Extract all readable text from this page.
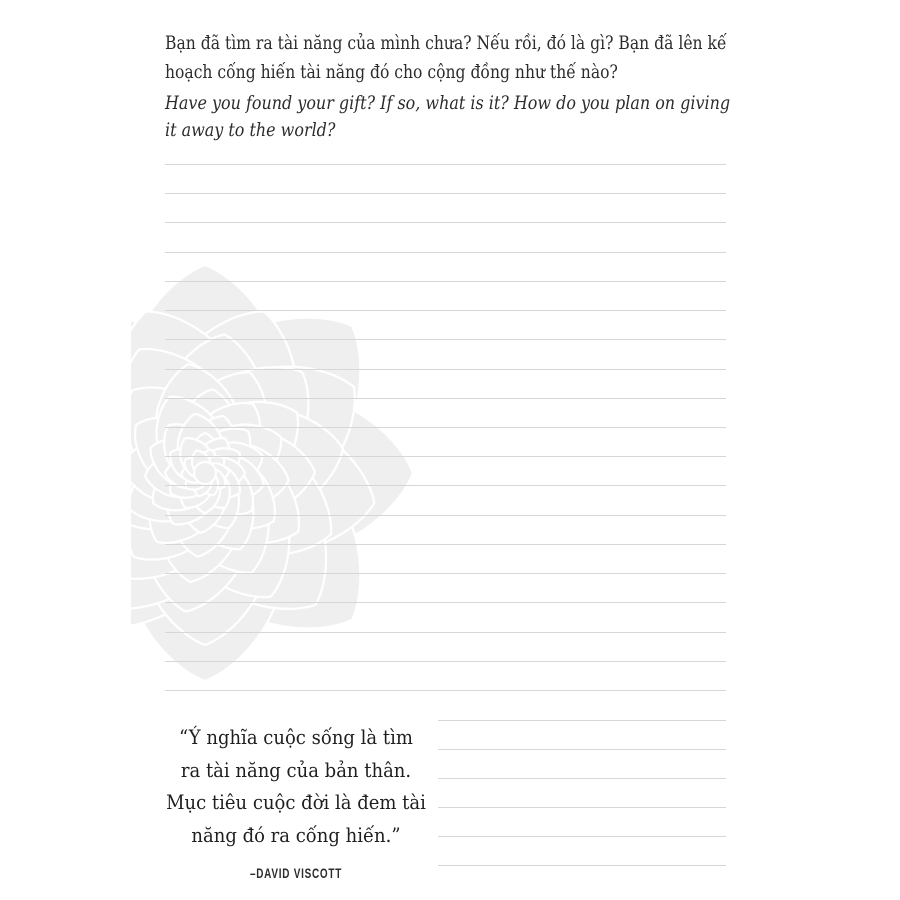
Bạn đã tìm ra tài năng của mình chưa? Nếu rồi, đó là gì? Bạn đã lên kế
hoạch cống hiến tài năng đó cho cộng đồng như thế nào?
Have you found your gift? If so, what is it? How do you plan on giving
it away to the world?
“Ý nghĩa cuộc sống là tìm
ra tài năng của bản thân.
Mục tiêu cuộc đời là đem tài
năng đó ra cống hiến.”
–DAVID VISCOTT
